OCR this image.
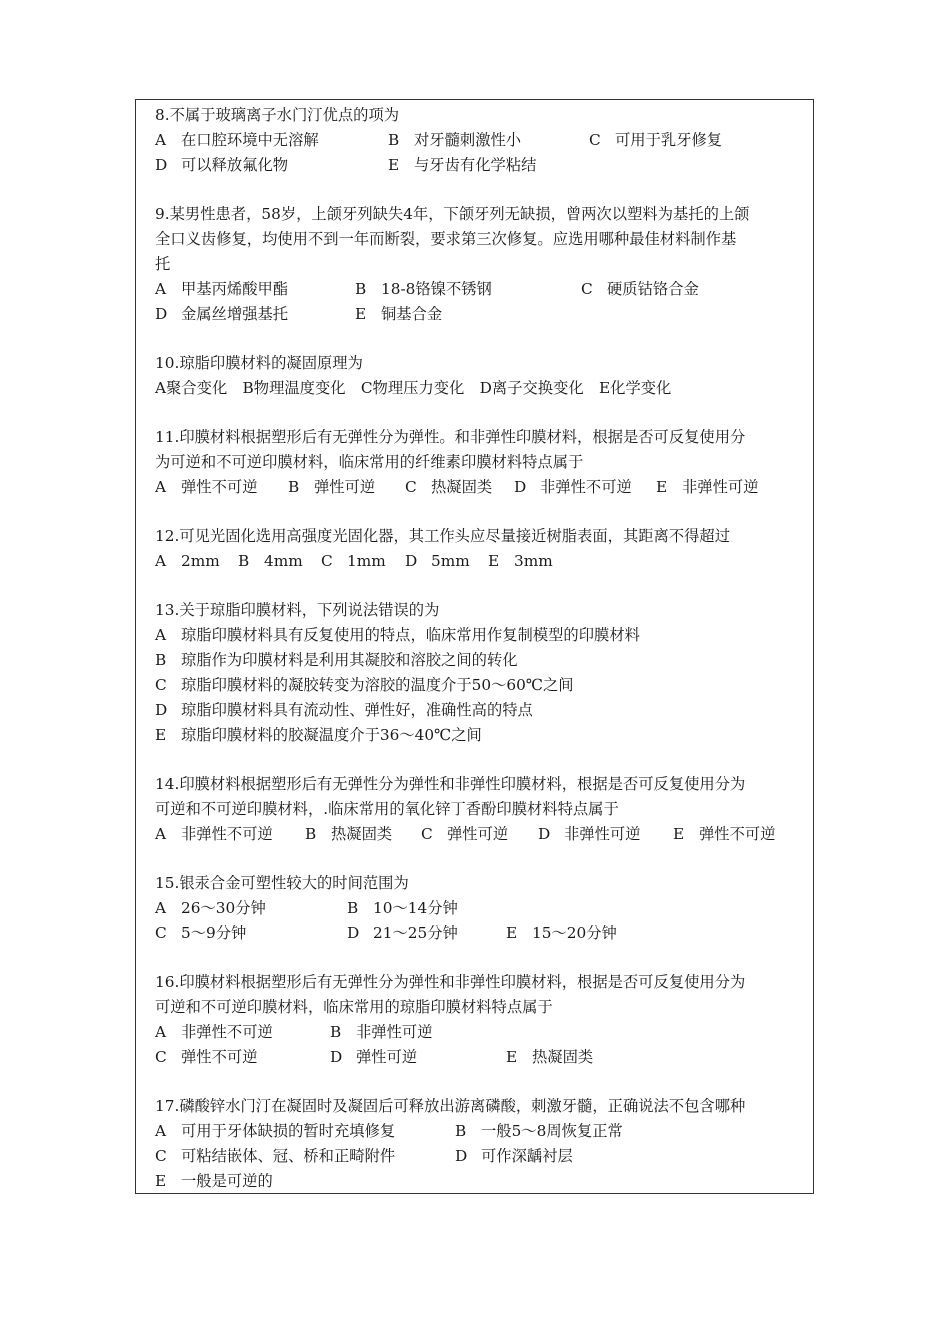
8.不属于玻璃离子水门汀优点的项为
A 在口腔环境中无溶解	B 对牙髓刺激性小	C 可用于乳牙修复
D 可以释放氟化物	E 与牙齿有化学粘结
9.某男性患者，58岁，上颌牙列缺失4年，下颌牙列无缺损，曾两次以塑料为基托的上颌
全口义齿修复，均使用不到一年而断裂，要求第三次修复。应选用哪种最佳材料制作基
托
A 甲基丙烯酸甲酯	B 18-8铬镍不锈钢	C 硬质钴铬合金
D 金属丝增强基托	E 铜基合金
10.琼脂印膜材料的凝固原理为
A聚合变化　B物理温度变化　C物理压力变化　D离子交换变化　E化学变化
11.印膜材料根据塑形后有无弹性分为弹性。和非弹性印膜材料，根据是否可反复使用分
为可逆和不可逆印膜材料，临床常用的纤维素印膜材料特点属于
A 弹性不可逆 B 弹性可逆 C 热凝固类 D 非弹性不可逆 E 非弹性可逆
12.可见光固化选用高强度光固化器，其工作头应尽量接近树脂表面，其距离不得超过
A 2mm B 4mm C 1mm D 5mm E 3mm
13.关于琼脂印膜材料，下列说法错误的为
A 琼脂印膜材料具有反复使用的特点，临床常用作复制模型的印膜材料
B 琼脂作为印膜材料是利用其凝胶和溶胶之间的转化
C 琼脂印膜材料的凝胶转变为溶胶的温度介于50～60℃之间
D 琼脂印膜材料具有流动性、弹性好，准确性高的特点
E 琼脂印膜材料的胶凝温度介于36～40℃之间
14.印膜材料根据塑形后有无弹性分为弹性和非弹性印膜材料，根据是否可反复使用分为
可逆和不可逆印膜材料，.临床常用的氧化锌丁香酚印膜材料特点属于
A 非弹性不可逆 B 热凝固类 C 弹性可逆 D 非弹性可逆 E 弹性不可逆
15.银汞合金可塑性较大的时间范围为
A 26～30分钟	B 10～14分钟
C 5～9分钟	D 21～25分钟	E 15～20分钟
16.印膜材料根据塑形后有无弹性分为弹性和非弹性印膜材料，根据是否可反复使用分为
可逆和不可逆印膜材料，临床常用的琼脂印膜材料特点属于
A 非弹性不可逆	B 非弹性可逆
C 弹性不可逆	D 弹性可逆	E 热凝固类
17.磷酸锌水门汀在凝固时及凝固后可释放出游离磷酸，刺激牙髓，正确说法不包含哪种
A 可用于牙体缺损的暂时充填修复	B 一般5～8周恢复正常
C 可粘结嵌体、冠、桥和正畸附件	D 可作深龋衬层
E 一般是可逆的
